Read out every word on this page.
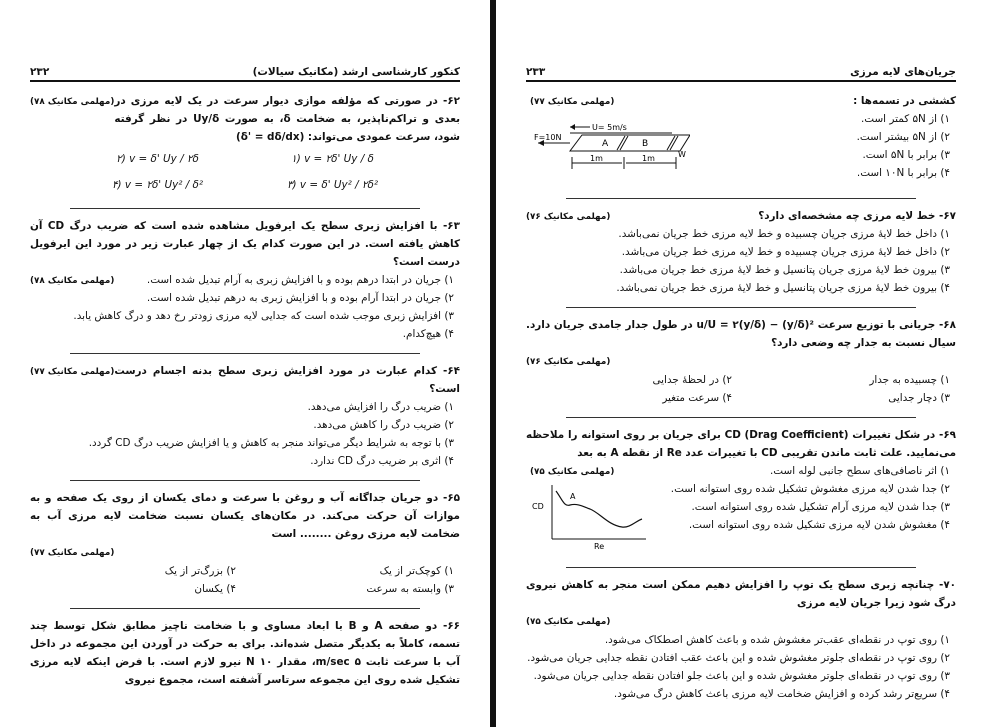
۲۳۲	کنکور کارشناسی ارشد (مکانیک سیالات)
(مهلمی مکانیک ۷۸) ۶۲- در صورتی که مؤلفه موازی دیوار سرعت در یک لایه مرزی در بعدی و تراکم‌ناپذیر، به ضخامت δ، به صورت Uy/δ در نظر گرفته شود، سرعت عمودی می‌تواند: (δ' = dδ/dx)

۱) v = ۲δ' Uy / δ
۲) v = δ' Uy / ۲δ
۳) v = δ' Uy² / ۲δ²
۴) v = ۲δ' Uy² / δ²

۶۳- با افزایش زبری سطح یک ایرفویل مشاهده شده است که ضریب درگ CD آن کاهش یافته است. در این صورت کدام یک از چهار عبارت زیر در مورد این ایرفویل درست است؟

(مهلمی مکانیک ۷۸)	۱) جریان در ابتدا درهم بوده و با افزایش زبری به آرام تبدیل شده است.
۲) جریان در ابتدا آرام بوده و با افزایش زبری به درهم تبدیل شده است.
۳) افزایش زبری موجب شده است که جدایی لایه مرزی زودتر رخ دهد و درگ کاهش یابد.
۴) هیچ‌کدام.
(مهلمی مکانیک ۷۷) ۶۴- کدام عبارت در مورد افزایش زبری سطح بدنه اجسام درست است؟

۱) ضریب درگ را افزایش می‌دهد.
۲) ضریب درگ را کاهش می‌دهد.
۳) با توجه به شرایط دیگر می‌تواند منجر به کاهش و یا افزایش ضریب درگ CD گردد.
۴) اثری بر ضریب درگ CD ندارد.

۶۵- دو جریان جداگانه آب و روغن با سرعت و دمای یکسان از روی یک صفحه و به موازات آن حرکت می‌کند. در مکان‌های یکسان نسبت ضخامت لایه مرزی آب به ضخامت لایه مرزی روغن ........ است

(مهلمی مکانیک ۷۷)
۱) کوچک‌تر از یک
۲) بزرگ‌تر از یک
۳) وابسته به سرعت
۴) یکسان

۶۶- دو صفحه A و B با ابعاد مساوی و با ضخامت ناچیز مطابق شکل توسط چند تسمه، کاملاً به یکدیگر متصل شده‌اند. برای به حرکت در آوردن این مجموعه در داخل آب با سرعت ثابت ۵ m/sec، مقدار ۱۰ N نیرو لازم است. با فرض اینکه لایه مرزی تشکیل شده روی این مجموعه سرتاسر آشفته است، مجموع نیروی

۲۳۳	جریان‌های لایه مرزی
(مهلمی مکانیک ۷۷)
U= 5m/s
F=10N
A	B
W
1m	1m

کششی در تسمه‌ها :

۱) از ۵N کمتر است.
۲) از ۵N بیشتر است.
۳) برابر با ۵N است.
۴) برابر با ۱۰N است.
(مهلمی مکانیک ۷۶)	۶۷- خط لایه مرزی چه مشخصه‌ای دارد؟

۱) داخل خط لایهٔ مرزی جریان چسبیده و خط لایه مرزی خط جریان نمی‌باشد.
۲) داخل خط لایهٔ مرزی جریان چسبیده و خط لایه مرزی خط جریان می‌باشد.
۳) بیرون خط لایهٔ مرزی جریان پتانسیل و خط لایهٔ مرزی خط جریان می‌باشد.
۴) بیرون خط لایهٔ مرزی جریان پتانسیل و خط لایهٔ مرزی خط جریان نمی‌باشد.

۶۸- جریانی با توزیع سرعت u/U = ۲(y/δ) − (y/δ)² در طول جدار جامدی جریان دارد. سیال نسبت به جدار چه وضعی دارد؟

(مهلمی مکانیک ۷۶)
۱) چسبیده به جدار
۲) در لحظهٔ جدایی
۳) دچار جدایی
۴) سرعت متغیر

۶۹- در شکل تغییرات CD (Drag Coefficient) برای جریان بر روی استوانه را ملاحظه می‌نمایید. علت ثابت ماندن تقریبی CD با تغییرات عدد Re از نقطه A به بعد

(مهلمی مکانیک ۷۵)
CD
Re
A
۱) اثر ناصافی‌های سطح جانبی لوله است.
۲) جدا شدن لایه مرزی مغشوش تشکیل شده روی استوانه است.
۳) جدا شدن لایه مرزی آرام تشکیل شده روی استوانه است.
۴) مغشوش شدن لایه مرزی تشکیل شده روی استوانه است.

۷۰- چنانچه زبری سطح یک توپ را افزایش دهیم ممکن است منجر به کاهش نیروی درگ شود زیرا جریان لایه مرزی

(مهلمی مکانیک ۷۵)
۱) روی توپ در نقطه‌ای عقب‌تر مغشوش شده و باعث کاهش اصطکاک می‌شود.
۲) روی توپ در نقطه‌ای جلوتر مغشوش شده و این باعث عقب افتادن نقطه جدایی جریان می‌شود.
۳) روی توپ در نقطه‌ای جلوتر مغشوش شده و این باعث جلو افتادن نقطه جدایی جریان می‌شود.
۴) سریع‌تر رشد کرده و افزایش ضخامت لایه مرزی باعث کاهش درگ می‌شود.
